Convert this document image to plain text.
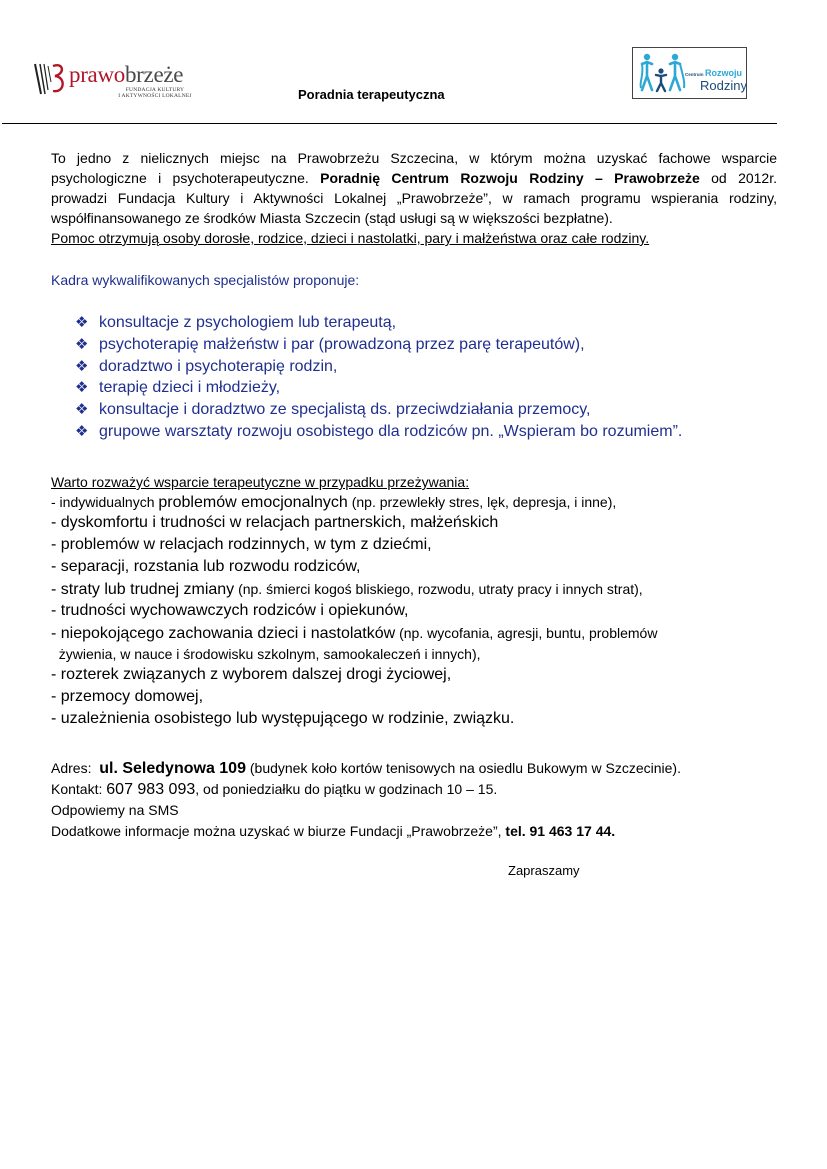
prawobrzeże
FUNDACJA KULTURY
I AKTYWNOŚCI LOKALNEJ	Poradnia terapeutyczna
Centrum Rozwoju
Rodziny
To jedno z nielicznych miejsc na Prawobrzeżu Szczecina, w którym można uzyskać fachowe wsparcie
psychologiczne i psychoterapeutyczne. Poradnię Centrum Rozwoju Rodziny – Prawobrzeże od 2012r.
prowadzi Fundacja Kultury i Aktywności Lokalnej „Prawobrzeże”, w ramach programu wspierania rodziny,
współfinansowanego ze środków Miasta Szczecin (stąd usługi są w większości bezpłatne).
Pomoc otrzymują osoby dorosłe, rodzice, dzieci i nastolatki, pary i małżeństwa oraz całe rodziny.
Kadra wykwalifikowanych specjalistów proponuje:
❖ konsultacje z psychologiem lub terapeutą,
❖ psychoterapię małżeństw i par (prowadzoną przez parę terapeutów),
❖ doradztwo i psychoterapię rodzin,
❖ terapię dzieci i młodzieży,
❖ konsultacje i doradztwo ze specjalistą ds. przeciwdziałania przemocy,
❖ grupowe warsztaty rozwoju osobistego dla rodziców pn. „Wspieram bo rozumiem”.
Warto rozważyć wsparcie terapeutyczne w przypadku przeżywania:
- indywidualnych problemów emocjonalnych (np. przewlekły stres, lęk, depresja, i inne),
- dyskomfortu i trudności w relacjach partnerskich, małżeńskich
- problemów w relacjach rodzinnych, w tym z dziećmi,
- separacji, rozstania lub rozwodu rodziców,
- straty lub trudnej zmiany (np. śmierci kogoś bliskiego, rozwodu, utraty pracy i innych strat),
- trudności wychowawczych rodziców i opiekunów,
- niepokojącego zachowania dzieci i nastolatków (np. wycofania, agresji, buntu, problemów
żywienia, w nauce i środowisku szkolnym, samookaleczeń i innych),
- rozterek związanych z wyborem dalszej drogi życiowej,
- przemocy domowej,
- uzależnienia osobistego lub występującego w rodzinie, związku.
Adres:  ul. Seledynowa 109 (budynek koło kortów tenisowych na osiedlu Bukowym w Szczecinie).
Kontakt: 607 983 093, od poniedziałku do piątku w godzinach 10 – 15.
Odpowiemy na SMS
Dodatkowe informacje można uzyskać w biurze Fundacji „Prawobrzeże”, tel. 91 463 17 44.
Zapraszamy
